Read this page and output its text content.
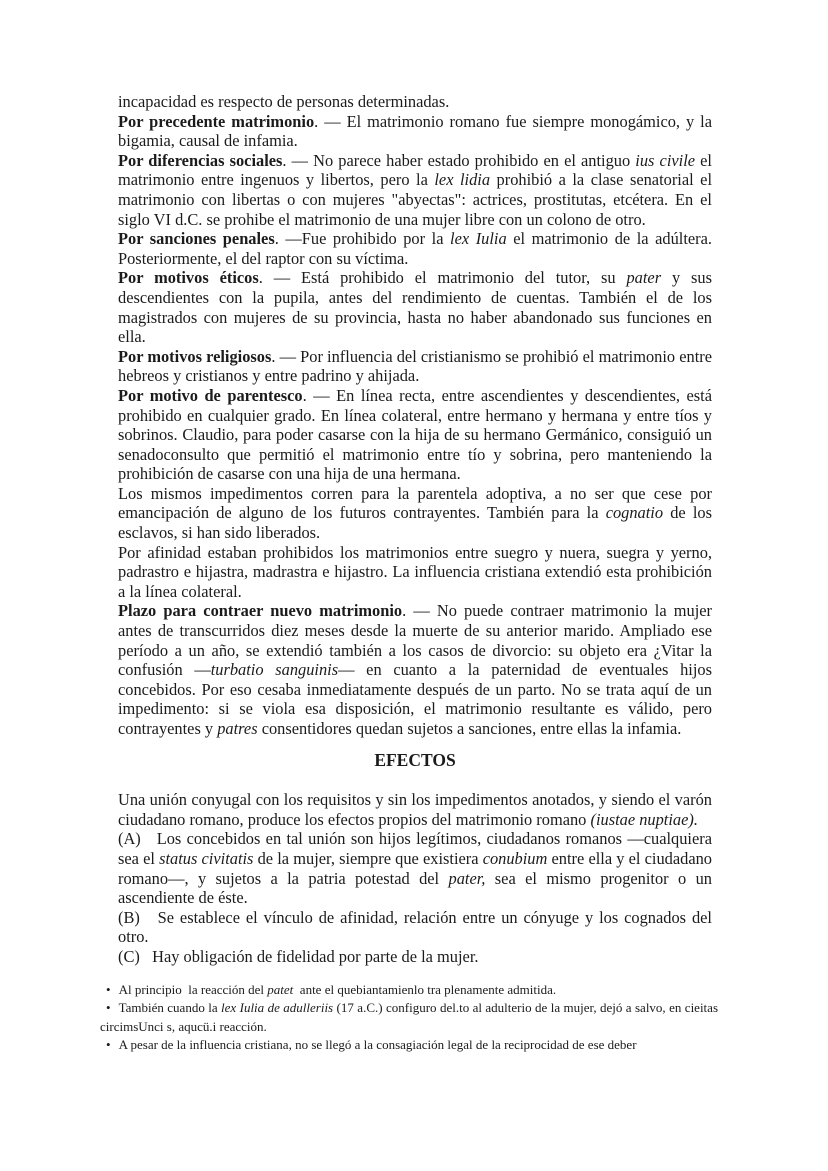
incapacidad es respecto de personas determinadas.

Por precedente matrimonio. — El matrimonio romano fue siempre monogámico, y la bigamia, causal de infamia.

Por diferencias sociales. — No parece haber estado prohibido en el antiguo ius civile el matrimonio entre ingenuos y libertos, pero la lex lidia prohibió a la clase senatorial el matrimonio con libertas o con mujeres "abyectas": actrices, prostitutas, etcétera. En el siglo VI d.C. se prohibe el matrimonio de una mujer libre con un colono de otro.

Por sanciones penales. —Fue prohibido por la lex Iulia el matrimonio de la adúltera. Posteriormente, el del raptor con su víctima.

Por motivos éticos. — Está prohibido el matrimonio del tutor, su pater y sus descendientes con la pupila, antes del rendimiento de cuentas. También el de los magistrados con mujeres de su provincia, hasta no haber abandonado sus funciones en ella.

Por motivos religiosos. — Por influencia del cristianismo se prohibió el matrimonio entre hebreos y cristianos y entre padrino y ahijada.

Por motivo de parentesco. — En línea recta, entre ascendientes y descendientes, está prohibido en cualquier grado. En línea colateral, entre hermano y hermana y entre tíos y sobrinos. Claudio, para poder casarse con la hija de su hermano Germánico, consiguió un senadoconsulto que permitió el matrimonio entre tío y sobrina, pero manteniendo la prohibición de casarse con una hija de una hermana.

Los mismos impedimentos corren para la parentela adoptiva, a no ser que cese por emancipación de alguno de los futuros contrayentes. También para la cognatio de los esclavos, si han sido liberados.

Por afinidad estaban prohibidos los matrimonios entre suegro y nuera, suegra y yerno, padrastro e hijastra, madrastra e hijastro. La influencia cristiana extendió esta prohibición a la línea colateral.

Plazo para contraer nuevo matrimonio. — No puede contraer matrimonio la mujer antes de transcurridos diez meses desde la muerte de su anterior marido. Ampliado ese período a un año, se extendió también a los casos de divorcio: su objeto era ¿Vitar la confusión —turbatio sanguinis— en cuanto a la paternidad de eventuales hijos concebidos. Por eso cesaba inmediatamente después de un parto. No se trata aquí de un impedimento: si se viola esa disposición, el matrimonio resultante es válido, pero contrayentes y patres consentidores quedan sujetos a sanciones, entre ellas la infamia.

EFECTOS

Una unión conyugal con los requisitos y sin los impedimentos anotados, y siendo el varón ciudadano romano, produce los efectos propios del matrimonio romano (iustae nuptiae).

(A)   Los concebidos en tal unión son hijos legítimos, ciudadanos romanos —cualquiera sea el status civitatis de la mujer, siempre que existiera conubium entre ella y el ciudadano romano—, y sujetos a la patria potestad del pater, sea el mismo progenitor o un ascendiente de éste.

(B)   Se establece el vínculo de afinidad, relación entre un cónyuge y los cognados del otro.

(C)   Hay obligación de fidelidad por parte de la mujer.

• Al principio  la reacción del patet  ante el quebiantamienlo tra plenamente admitida.

• También cuando la lex Iulia de adulleriis (17 a.C.) configuro del.to al adulterio de la mujer, dejó a salvo, en cieitas circimsUnci s, aqucü.i reacción.

• A pesar de la influencia cristiana, no se llegó a la consagiación legal de la reciprocidad de ese deber
